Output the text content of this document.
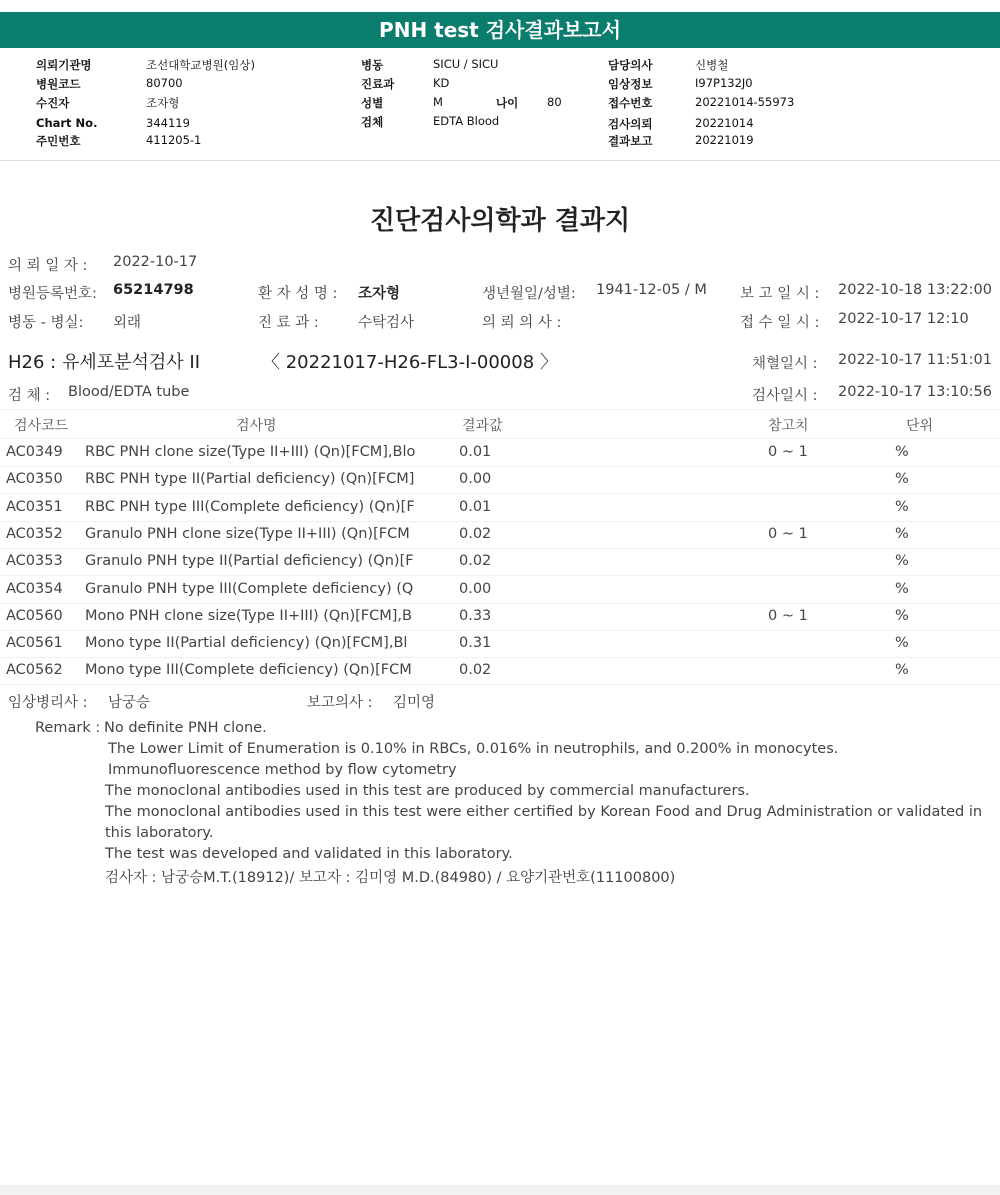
PNH test 검사결과보고서
의뢰기관명	조선대학교병원(임상)
병원코드	80700
수진자	조자형
Chart No.	344119
주민번호	411205-1
병동	SICU / SICU
진료과	KD
성별	M	나이	80
검체	EDTA Blood
담당의사	신병철
임상정보	I97P132J0
접수번호	20221014-55973
검사의뢰	20221014
결과보고	20221019
진단검사의학과 결과지
의 뢰 일 자 : 2022-10-17
병원등록번호: 65214798	환 자 성 명 : 조자형	생년월일/성별: 1941-12-05 / M 보 고 일 시 : 2022-10-18 13:22:00
병동 - 병실: 외래	진 료 과 :	수탁검사	의 뢰 의 사 :	접 수 일 시 : 2022-10-17 12:10
H26 : 유세포분석검사 II	〈 20221017-H26-FL3-I-00008 〉	채혈일시 : 2022-10-17 11:51:01
검 체 : Blood/EDTA tube	검사일시 : 2022-10-17 13:10:56
검사코드	검사명	결과값	참고치	단위
AC0349 RBC PNH clone size(Type II+III) (Qn)[FCM],Blo	0.01	0 ~ 1	%
AC0350 RBC PNH type II(Partial deficiency) (Qn)[FCM]	0.00	%
AC0351 RBC PNH type III(Complete deficiency) (Qn)[F	0.01	%
AC0352 Granulo PNH clone size(Type II+III) (Qn)[FCM	0.02	0 ~ 1	%
AC0353 Granulo PNH type II(Partial deficiency) (Qn)[F	0.02	%
AC0354 Granulo PNH type III(Complete deficiency) (Q	0.00	%
AC0560 Mono PNH clone size(Type II+III) (Qn)[FCM],B	0.33	0 ~ 1	%
AC0561 Mono type II(Partial deficiency) (Qn)[FCM],Bl	0.31	%
AC0562 Mono type III(Complete deficiency) (Qn)[FCM	0.02	%
임상병리사 : 남궁승	보고의사 : 김미영
Remark : No definite PNH clone.
The Lower Limit of Enumeration is 0.10% in RBCs, 0.016% in neutrophils, and 0.200% in monocytes.
Immunofluorescence method by flow cytometry
The monoclonal antibodies used in this test are produced by commercial manufacturers.
The monoclonal antibodies used in this test were either certified by Korean Food and Drug Administration or validated in
this laboratory.
The test was developed and validated in this laboratory.
검사자 : 남궁승M.T.(18912)/ 보고자 : 김미영 M.D.(84980) / 요양기관번호(11100800)
